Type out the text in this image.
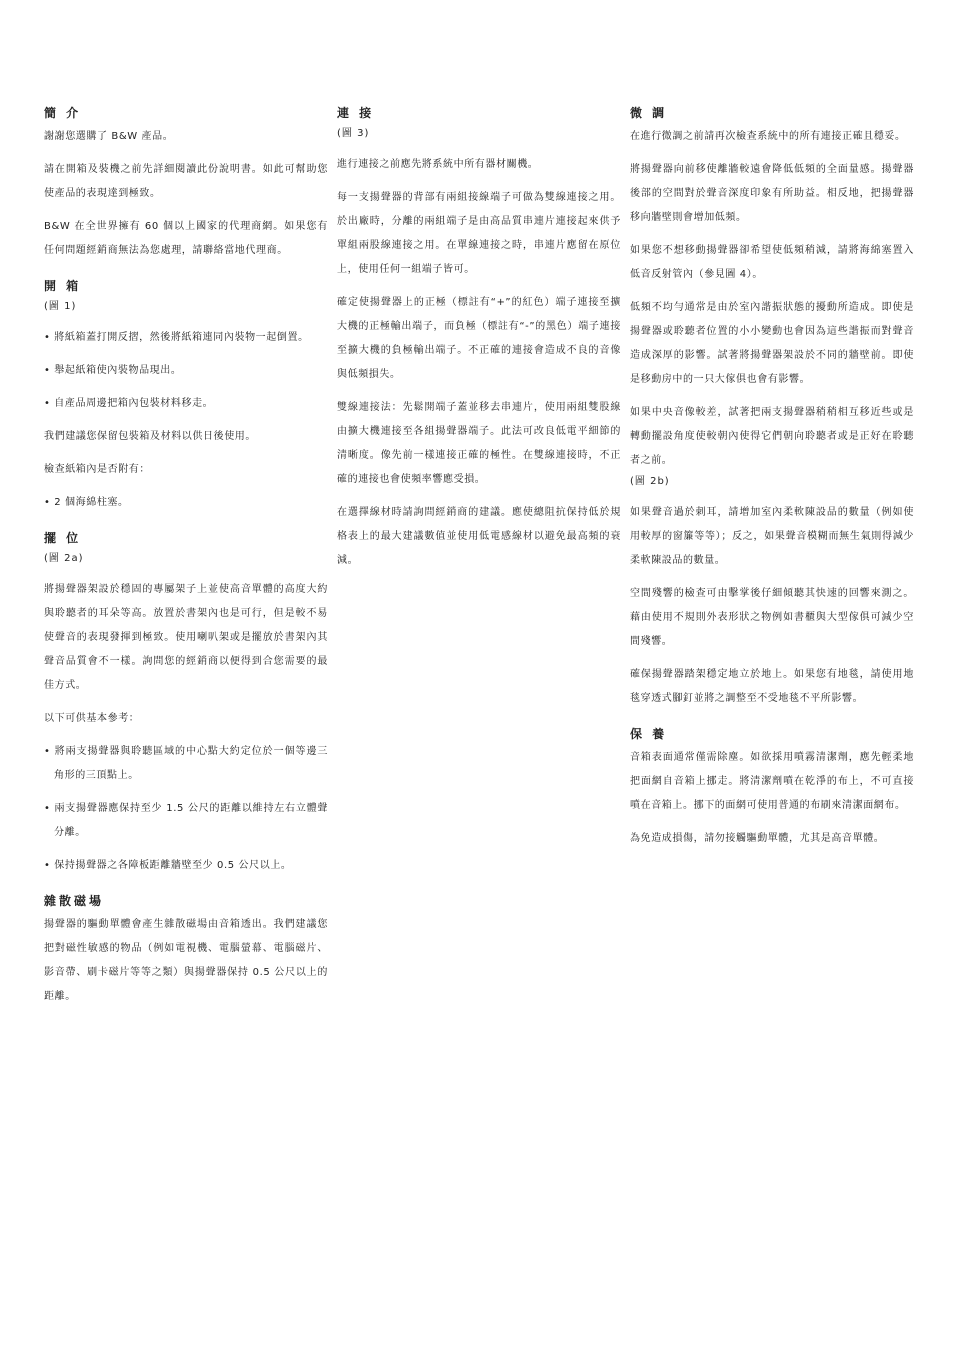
簡 介

謝謝您選購了 B&W 產品。

請在開箱及裝機之前先詳細閱讀此份說明書。如此可幫助您使產品的表現達到極致。

B&W 在全世界擁有 60 個以上國家的代理商網。如果您有任何問題經銷商無法為您處理，請聯絡當地代理商。

開 箱
(圖 1)

• 將紙箱蓋打開反摺，然後將紙箱連同內裝物一起倒置。

• 舉起紙箱使內裝物品現出。

• 自產品周邊把箱內包裝材料移走。

我們建議您保留包裝箱及材料以供日後使用。

檢查紙箱內是否附有：

• 2 個海綿柱塞。

擺 位
(圖 2a)

將揚聲器架設於穩固的專屬架子上並使高音單體的高度大約與聆聽者的耳朵等高。放置於書架內也是可行，但是較不易使聲音的表現發揮到極致。使用喇叭架或是擺放於書架內其聲音品質會不一樣。詢問您的經銷商以便得到合您需要的最佳方式。

以下可供基本參考：

• 將兩支揚聲器與聆聽區域的中心點大約定位於一個等邊三角形的三頂點上。

• 兩支揚聲器應保持至少 1.5 公尺的距離以維持左右立體聲分離。

• 保持揚聲器之各障板距離牆壁至少 0.5 公尺以上。

雜散磁場

揚聲器的驅動單體會產生雜散磁場由音箱透出。我們建議您把對磁性敏感的物品（例如電視機、電腦螢幕、電腦磁片、影音帶、刷卡磁片等等之類）與揚聲器保持 0.5 公尺以上的距離。

連 接
(圖 3)

進行連接之前應先將系統中所有器材關機。

每一支揚聲器的背部有兩組接線端子可做為雙線連接之用。於出廠時，分離的兩組端子是由高品質串連片連接起來供予單組兩股線連接之用。在單線連接之時，串連片應留在原位上，使用任何一組端子皆可。

確定使揚聲器上的正極（標註有“+”的紅色）端子連接至擴大機的正極輸出端子，而負極（標註有“-”的黑色）端子連接至擴大機的負極輸出端子。不正確的連接會造成不良的音像與低頻損失。

雙線連接法：先鬆開端子蓋並移去串連片，使用兩組雙股線由擴大機連接至各組揚聲器端子。此法可改良低電平細節的清晰度。像先前一樣連接正確的極性。在雙線連接時，不正確的連接也會使頻率響應受損。

在選擇線材時請詢問經銷商的建議。應使總阻抗保持低於規格表上的最大建議數值並使用低電感線材以避免最高頻的衰減。

微 調

在進行微調之前請再次檢查系統中的所有連接正確且穩妥。

將揚聲器向前移使離牆較遠會降低低頻的全面量感。揚聲器後部的空間對於聲音深度印象有所助益。相反地，把揚聲器移向牆壁則會增加低頻。

如果您不想移動揚聲器卻希望使低頻稍減，請將海綿塞置入低音反射管內（參見圖 4）。

低頻不均勻通常是由於室內諧振狀態的擾動所造成。即使是揚聲器或聆聽者位置的小小變動也會因為這些諧振而對聲音造成深厚的影響。試著將揚聲器架設於不同的牆壁前。即使是移動房中的一只大傢俱也會有影響。

如果中央音像較差，試著把兩支揚聲器稍稍相互移近些或是轉動擺設角度使較朝內使得它們朝向聆聽者或是正好在聆聽者之前。

(圖 2b)

如果聲音過於刺耳，請增加室內柔軟陳設品的數量（例如使用較厚的窗簾等等）；反之，如果聲音模糊而無生氣則得減少柔軟陳設品的數量。

空間殘響的檢查可由擊掌後仔細傾聽其快速的回響來測之。藉由使用不規則外表形狀之物例如書櫃與大型傢俱可減少空間殘響。

確保揚聲器踏架穩定地立於地上。如果您有地毯，請使用地毯穿透式腳釘並將之調整至不受地毯不平所影響。

保 養

音箱表面通常僅需除塵。如欲採用噴霧清潔劑，應先輕柔地把面網自音箱上挪走。將清潔劑噴在乾淨的布上，不可直接噴在音箱上。挪下的面網可使用普通的布刷來清潔面網布。

為免造成損傷，請勿接觸驅動單體，尤其是高音單體。
